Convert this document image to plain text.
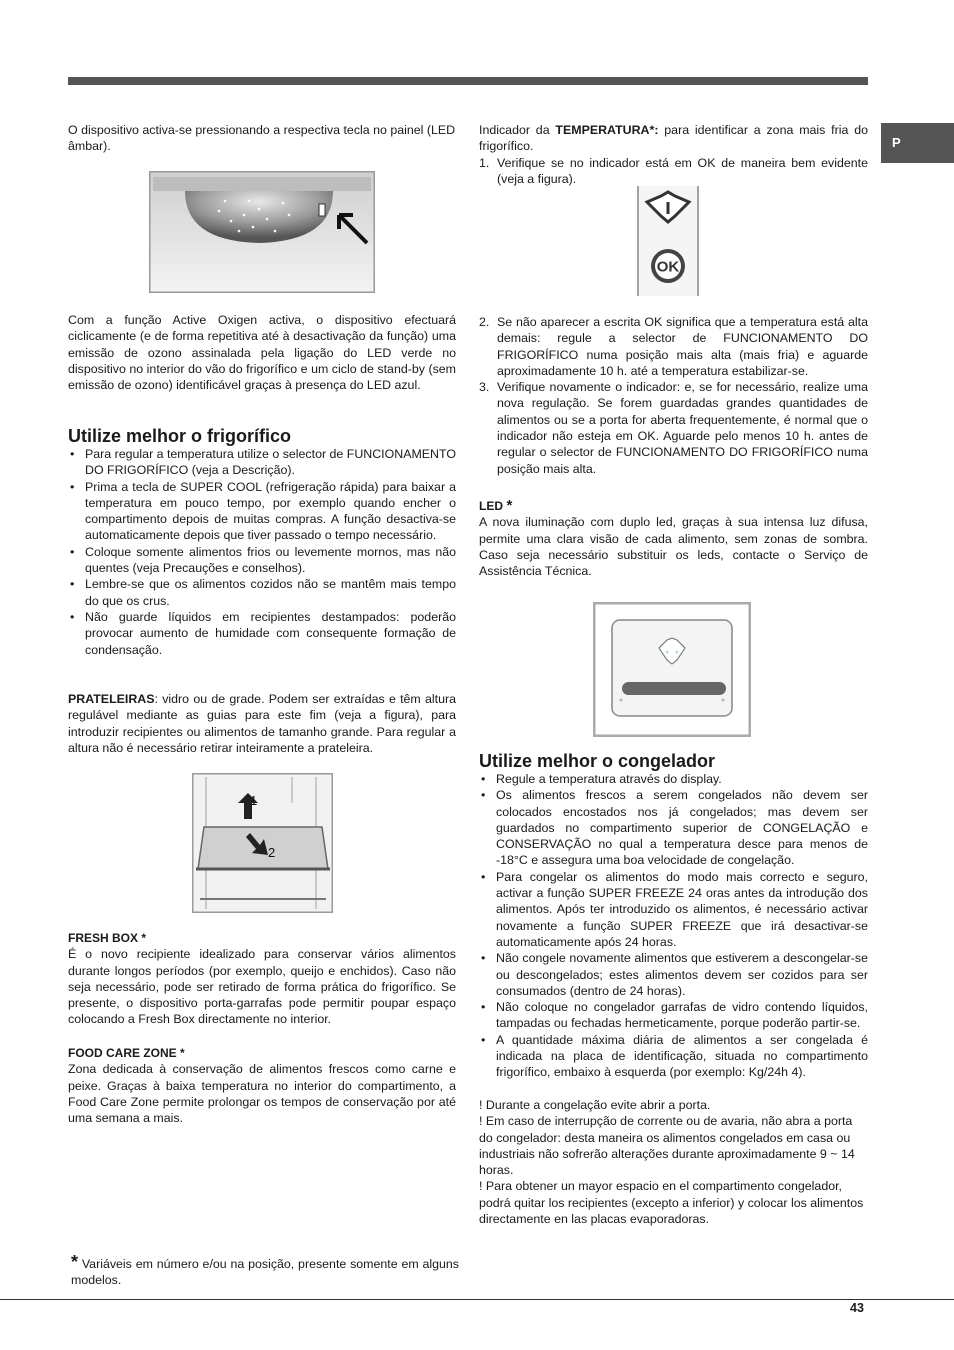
P

O dispositivo activa-se pressionando a respectiva tecla no painel (LED âmbar).

Com a função Active Oxigen activa, o dispositivo efectuará ciclicamente (e de forma repetitiva até à desactivação da função) uma emissão de ozono assinalada pela ligação do LED verde no dispositivo no interior do vão do frigorífico e um ciclo de stand-by (sem emissão de ozono) identificável graças à presença do LED azul.

Utilize melhor o frigorífico
• Para regular a temperatura utilize o selector de FUNCIONAMENTO DO FRIGORÍFICO (veja a Descrição).
• Prima a tecla de SUPER COOL (refrigeração rápida) para baixar a temperatura em pouco tempo, por exemplo quando encher o compartimento depois de muitas compras. A função desactiva-se automaticamente depois que tiver passado o tempo necessário.
• Coloque somente alimentos frios ou levemente mornos, mas não quentes (veja Precauções e conselhos).
• Lembre-se que os alimentos cozidos não se mantêm mais tempo do que os crus.
• Não guarde líquidos em recipientes destampados: poderão provocar aumento de humidade com consequente formação de condensação.

PRATELEIRAS: vidro ou de grade. Podem ser extraídas e têm altura regulável mediante as guias para este fim (veja a figura), para introduzir recipientes ou alimentos de tamanho grande. Para regular a altura não é necessário retirar inteiramente a prateleira.

1
2
FRESH BOX *

É o novo recipiente idealizado para conservar vários alimentos durante longos períodos (por exemplo, queijo e enchidos). Caso não seja necessário, pode ser retirado de forma prática do frigorífico. Se presente, o dispositivo porta-garrafas pode permitir poupar espaço colocando a Fresh Box directamente no interior.

FOOD CARE ZONE *

Zona dedicada à conservação de alimentos frescos como carne e peixe. Graças à baixa temperatura no interior do compartimento, a Food Care Zone permite prolongar os tempos de conservação por até uma semana a mais.

* Variáveis em número e/ou na posição, presente somente em alguns modelos.

Indicador da TEMPERATURA*: para identificar a zona mais fria do frigorífico.

1. Verifique se no indicador está em OK de maneira bem evidente (veja a figura).
OK
2. Se não aparecer a escrita OK significa que a temperatura está alta demais: regule a selector de FUNCIONAMENTO DO FRIGORÍFICO numa posição mais alta (mais fria) e aguarde aproximadamente 10 h. até a temperatura estabilizar-se.
3. Verifique novamente o indicador: e, se for necessário, realize uma nova regulação. Se forem guardadas grandes quantidades de alimentos ou se a porta for aberta frequentemente, é normal que o indicador não esteja em OK. Aguarde pelo menos 10 h. antes de regular o selector de FUNCIONAMENTO DO FRIGORÍFICO numa posição mais alta.
LED *

A nova iluminação com duplo led, graças à sua intensa luz difusa, permite uma clara visão de cada alimento, sem zonas de sombra. Caso seja necessário substituir os leds, contacte o Serviço de Assistência Técnica.

Utilize melhor o congelador
• Regule a temperatura através do display.
• Os alimentos frescos a serem congelados não devem ser colocados encostados nos já congelados; mas devem ser guardados no compartimento superior de CONGELAÇÃO e CONSERVAÇÃO no qual a temperatura desce para menos de -18°C e assegura uma boa velocidade de congelação.
• Para congelar os alimentos do modo mais correcto e seguro, activar a função SUPER FREEZE 24 oras antes da introdução dos alimentos. Após ter introduzido os alimentos, é necessário activar novamente a função SUPER FREEZE que irá desactivar-se automaticamente após 24 horas.
• Não congele novamente alimentos que estiverem a descongelar-se ou descongelados; estes alimentos devem ser cozidos para ser consumados (dentro de 24 horas).
• Não coloque no congelador garrafas de vidro contendo líquidos, tampadas ou fechadas hermeticamente, porque poderão partir-se.
• A quantidade máxima diária de alimentos a ser congelada é indicada na placa de identificação, situada no compartimento frigorífico, embaixo à esquerda (por exemplo: Kg/24h 4).

! Durante a congelação evite abrir a porta.

! Em caso de interrupção de corrente ou de avaria, não abra a porta do congelador: desta maneira os alimentos congelados em casa ou industriais não sofrerão alterações durante aproximadamente 9 ~ 14 horas.

! Para obtener un mayor espacio en el compartimento congelador, podrá quitar los recipientes (excepto a inferior) y colocar los alimentos directamente en las placas evaporadoras.

43
